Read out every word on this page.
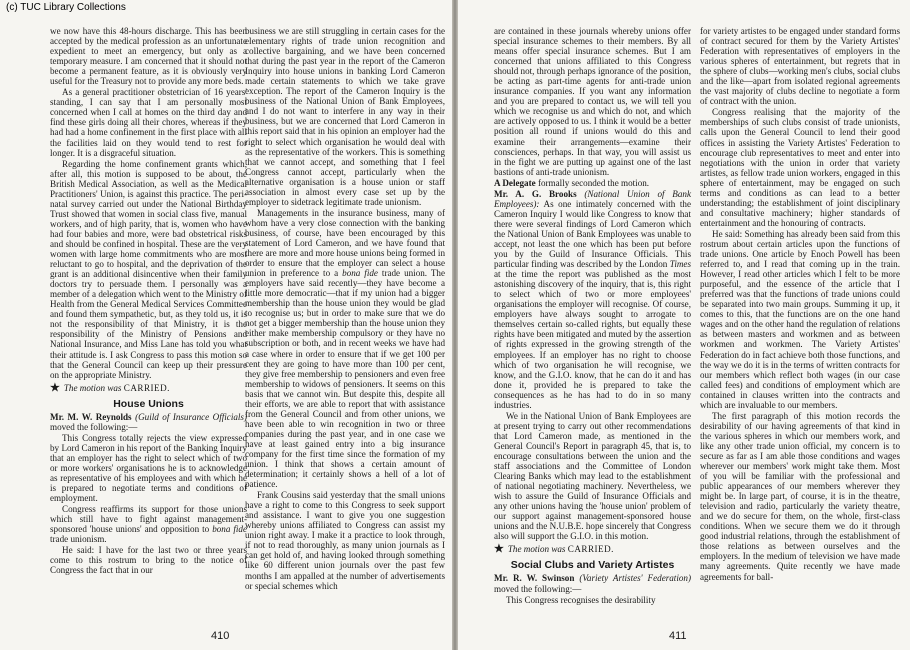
(c) TUC Library Collections

we now have this 48-hours discharge. This has been accepted by the medical profession as an unfortunate expedient to meet an emergency, but only as a temporary measure. I am concerned that it should not become a permanent feature, as it is obviously very useful for the Treasury not to provide any more beds.

As a general practitioner obstetrician of 16 years' standing, I can say that I am personally most concerned when I call at homes on the third day and find these girls doing all their chores, whereas if they had had a home confinement in the first place with all the facilities laid on they would tend to rest for longer. It is a disgraceful situation.

Regarding the home confinement grants which, after all, this motion is supposed to be about, the British Medical Association, as well as the Medical Practitioners' Union, is against this practice. The peri-natal survey carried out under the National Birthday Trust showed that women in social class five, manual workers, and of high parity, that is, women who have had four babies and more, were bad obstetrical risks and should be confined in hospital. These are the very women with large home commitments who are most reluctant to go to hospital, and the deprivation of the grant is an additional disincentive when their family doctors try to persuade them. I personally was a member of a delegation which went to the Ministry of Health from the General Medical Services Committee and found them sympathetic, but, as they told us, it is not the responsibility of that Ministry, it is the responsibility of the Ministry of Pensions and National Insurance, and Miss Lane has told you what their attitude is. I ask Congress to pass this motion so that the General Council can keep up their pressure on the appropriate Ministry.

★ The motion was CARRIED.

House Unions

Mr. M. W. Reynolds (Guild of Insurance Officials) moved the following:—

This Congress totally rejects the view expressed by Lord Cameron in his report of the Banking Inquiry that an employer has the right to select which of two or more workers' organisations he is to acknowledge as representative of his employees and with which he is prepared to negotiate terms and conditions of employment.

Congress reaffirms its support for those unions which still have to fight against management-sponsored 'house unions' and opposition to bona fide trade unionism.

He said: I have for the last two or three years come to this rostrum to bring to the notice of Congress the fact that in our

business we are still struggling in certain cases for the elementary rights of trade union recognition and collective bargaining, and we have been concerned that during the past year in the report of the Cameron Inquiry into house unions in banking Lord Cameron made certain statements to which we take grave exception. The report of the Cameron Inquiry is the business of the National Union of Bank Employees, and I do not want to interfere in any way in their business, but we are concerned that Lord Cameron in this report said that in his opinion an employer had the right to select which organisation he would deal with as the representative of the workers. This is something that we cannot accept, and something that I feel Congress cannot accept, particularly when the alternative organisation is a house union or staff association in almost every case set up by the employer to sidetrack legitimate trade unionism.

Managements in the insurance business, many of whom have a very close connection with the banking business, of course, have been encouraged by this statement of Lord Cameron, and we have found that there are more and more house unions being formed in order to ensure that the employer can select a house union in preference to a bona fide trade union. The employers have said recently—they have become a little more democratic—that if my union had a bigger membership than the house union they would be glad to recognise us; but in order to make sure that we do not get a bigger membership than the house union they either make membership compulsory or they have no subscription or both, and in recent weeks we have had a case where in order to ensure that if we get 100 per cent they are going to have more than 100 per cent, they give free membership to pensioners and even free membership to widows of pensioners. It seems on this basis that we cannot win. But despite this, despite all their efforts, we are able to report that with assistance from the General Council and from other unions, we have been able to win recognition in two or three companies during the past year, and in one case we have at least gained entry into a big insurance company for the first time since the formation of my union. I think that shows a certain amount of determination; it certainly shows a hell of a lot of patience.

Frank Cousins said yesterday that the small unions have a right to come to this Congress to seek support and assistance. I want to give you one suggestion whereby unions affiliated to Congress can assist my union right away. I make it a practice to look through, if not to read thoroughly, as many union journals as I can get hold of, and having looked through something like 60 different union journals over the past few months I am appalled at the number of advertisements or special schemes which

410

are contained in these journals whereby unions offer special insurance schemes to their members. By all means offer special insurance schemes. But I am concerned that unions affiliated to this Congress should not, through perhaps ignorance of the position, be acting as part-time agents for anti-trade union insurance companies. If you want any information and you are prepared to contact us, we will tell you which we recognise us and which do not, and which are actively opposed to us. I think it would be a better position all round if unions would do this and examine their arrangements—examine their consciences, perhaps. In that way, you will assist us in the fight we are putting up against one of the last bastions of anti-trade unionism.

A Delegate formally seconded the motion.

Mr. A. G. Brooks (National Union of Bank Employees): As one intimately concerned with the Cameron Inquiry I would like Congress to know that there were several findings of Lord Cameron which the National Union of Bank Employees was unable to accept, not least the one which has been put before you by the Guild of Insurance Officials. This particular finding was described by the London Times at the time the report was published as the most astonishing discovery of the inquiry, that is, this right to select which of two or more employees' organisations the employer will recognise. Of course, employers have always sought to arrogate to themselves certain so-called rights, but equally these rights have been mitigated and muted by the assertion of rights expressed in the growing strength of the employees. If an employer has no right to choose which of two organisation he will recognise, we know, and the G.I.O. know, that he can do it and has done it, provided he is prepared to take the consequences as he has had to do in so many industries.

We in the National Union of Bank Employees are at present trying to carry out other recommendations that Lord Cameron made, as mentioned in the General Council's Report in paragraph 45, that is, to encourage consultations between the union and the staff associations and the Committee of London Clearing Banks which may lead to the establishment of national negotiating machinery. Nevertheless, we wish to assure the Guild of Insurance Officials and any other unions having the 'house union' problem of our support against management-sponsored house unions and the N.U.B.E. hope sincerely that Congress also will support the G.I.O. in this motion.

★ The motion was CARRIED.

Social Clubs and Variety Artistes

Mr. R. W. Swinson (Variety Artistes' Federation) moved the following:—

This Congress recognises the desirability

for variety artistes to be engaged under standard forms of contract secured for them by the Variety Artistes' Federation with representatives of employers in the various spheres of entertainment, but regrets that in the sphere of clubs—working men's clubs, social clubs and the like—apart from isolated regional agreements the vast majority of clubs decline to negotiate a form of contract with the union.

Congress realising that the majority of the memberships of such clubs consist of trade unionists, calls upon the General Council to lend their good offices in assisting the Variety Artistes' Federation to encourage club representatives to meet and enter into negotiations with the union in order that variety artistes, as fellow trade union workers, engaged in this sphere of entertainment, may be engaged on such terms and conditions as can lead to a better understanding; the establishment of joint disciplinary and consultative machinery; higher standards of entertainment and the honouring of contracts.

He said: Something has already been said from this rostrum about certain articles upon the functions of trade unions. One article by Enoch Powell has been referred to, and I read that coming up in the train. However, I read other articles which I felt to be more purposeful, and the essence of the article that I preferred was that the functions of trade unions could be separated into two main groups. Summing it up, it comes to this, that the functions are on the one hand wages and on the other hand the regulation of relations as between masters and workmen and as between workmen and workmen. The Variety Artistes' Federation do in fact achieve both those functions, and the way we do it is in the terms of written contracts for our members which reflect both wages (in our case called fees) and conditions of employment which are contained in clauses written into the contracts and which are invaluable to our members.

The first paragraph of this motion records the desirability of our having agreements of that kind in the various spheres in which our members work, and like any other trade union official, my concern is to secure as far as I am able those conditions and wages wherever our members' work might take them. Most of you will be familiar with the professional and public appearances of our members wherever they might be. In large part, of course, it is in the theatre, television and radio, particularly the variety theatre, and we do secure for them, on the whole, first-class conditions. When we secure them we do it through good industrial relations, through the establishment of those relations as between ourselves and the employers. In the medium of television we have made many agreements. Quite recently we have made agreements for ball-

411
